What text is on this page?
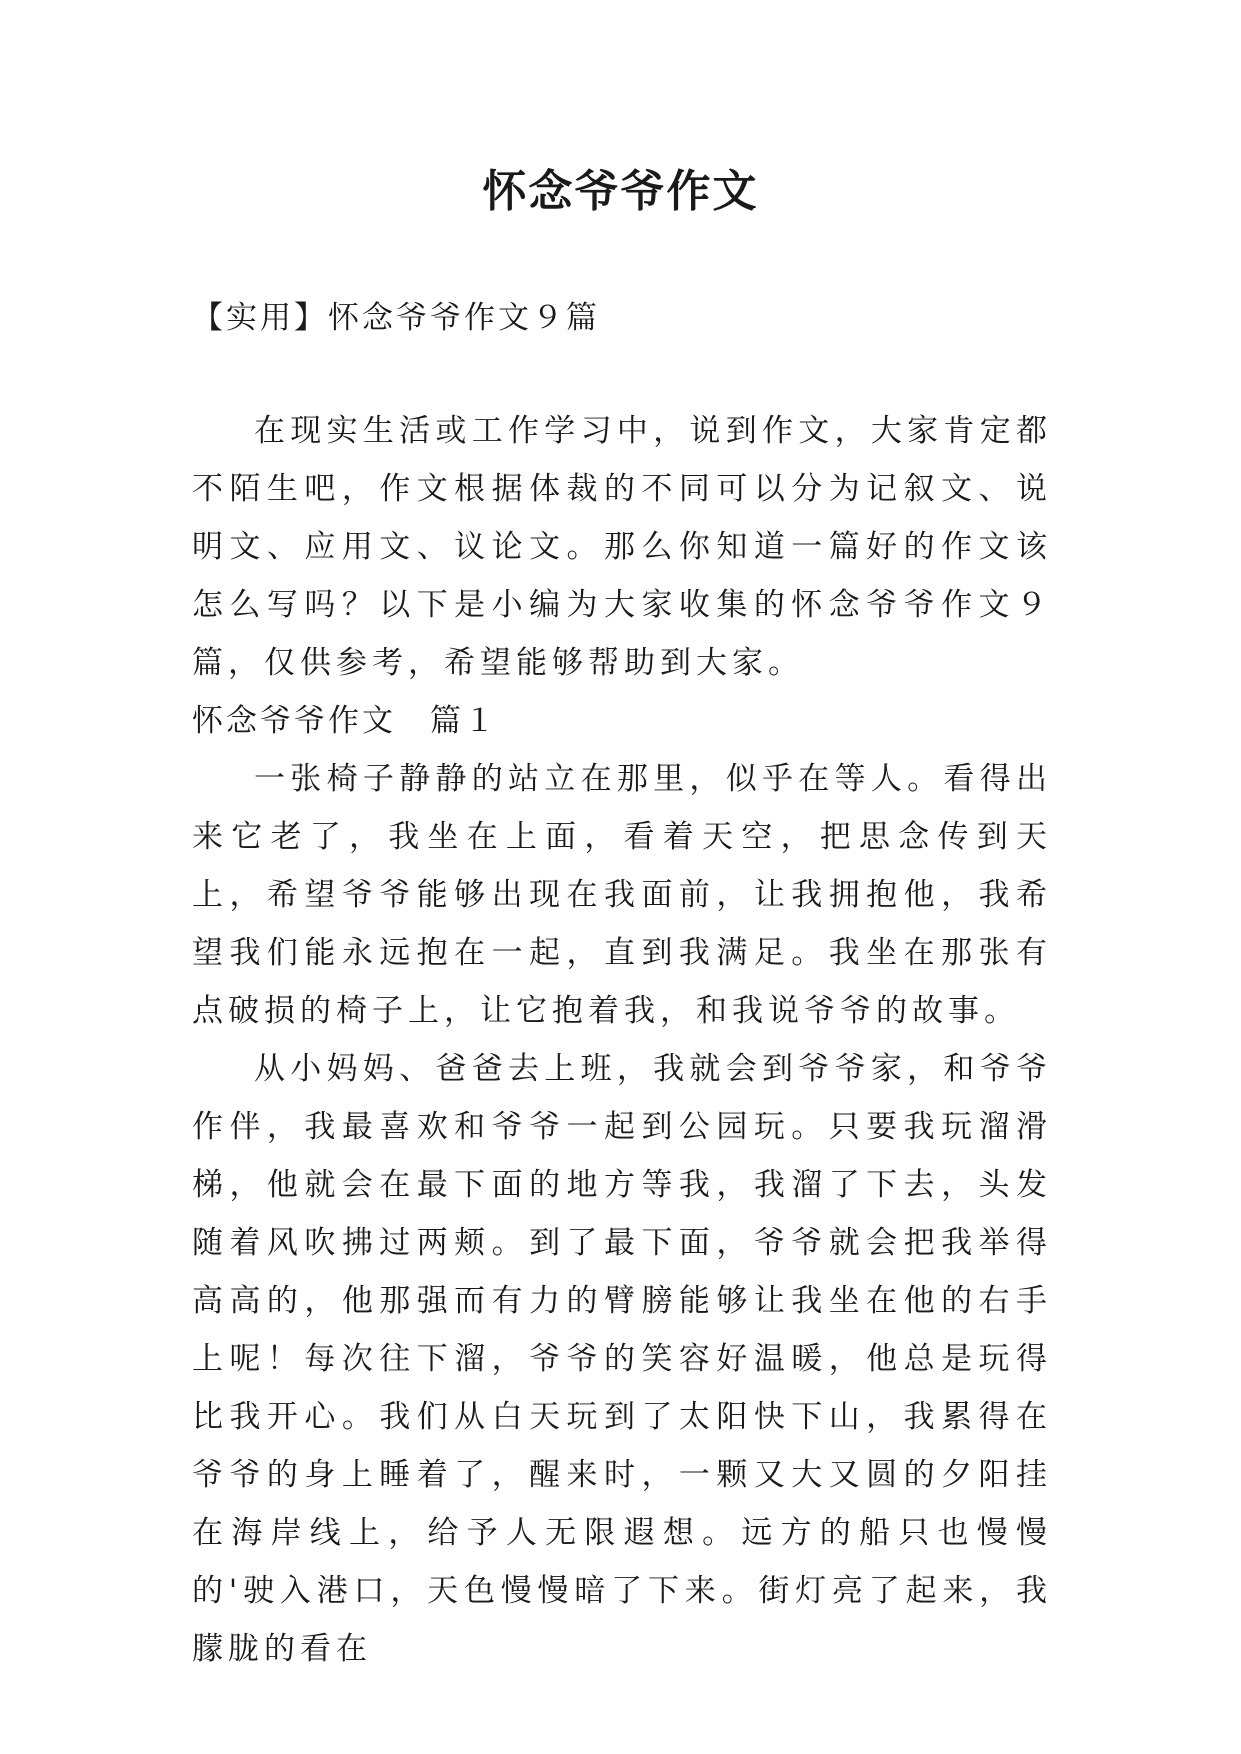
怀念爷爷作文

【实用】怀念爷爷作文９篇

在现实生活或工作学习中，说到作文，大家肯定都不陌生吧，作文根据体裁的不同可以分为记叙文、说明文、应用文、议论文。那么你知道一篇好的作文该怎么写吗？以下是小编为大家收集的怀念爷爷作文９篇，仅供参考，希望能够帮助到大家。

怀念爷爷作文　篇１

一张椅子静静的站立在那里，似乎在等人。看得出来它老了，我坐在上面，看着天空，把思念传到天上，希望爷爷能够出现在我面前，让我拥抱他，我希望我们能永远抱在一起，直到我满足。我坐在那张有点破损的椅子上，让它抱着我，和我说爷爷的故事。

从小妈妈、爸爸去上班，我就会到爷爷家，和爷爷作伴，我最喜欢和爷爷一起到公园玩。只要我玩溜滑梯，他就会在最下面的地方等我，我溜了下去，头发随着风吹拂过两颊。到了最下面，爷爷就会把我举得高高的，他那强而有力的臂膀能够让我坐在他的右手上呢！每次往下溜，爷爷的笑容好温暖，他总是玩得比我开心。我们从白天玩到了太阳快下山，我累得在爷爷的身上睡着了，醒来时，一颗又大又圆的夕阳挂在海岸线上，给予人无限遐想。远方的船只也慢慢的'驶入港口，天色慢慢暗了下来。街灯亮了起来，我朦胧的看在
